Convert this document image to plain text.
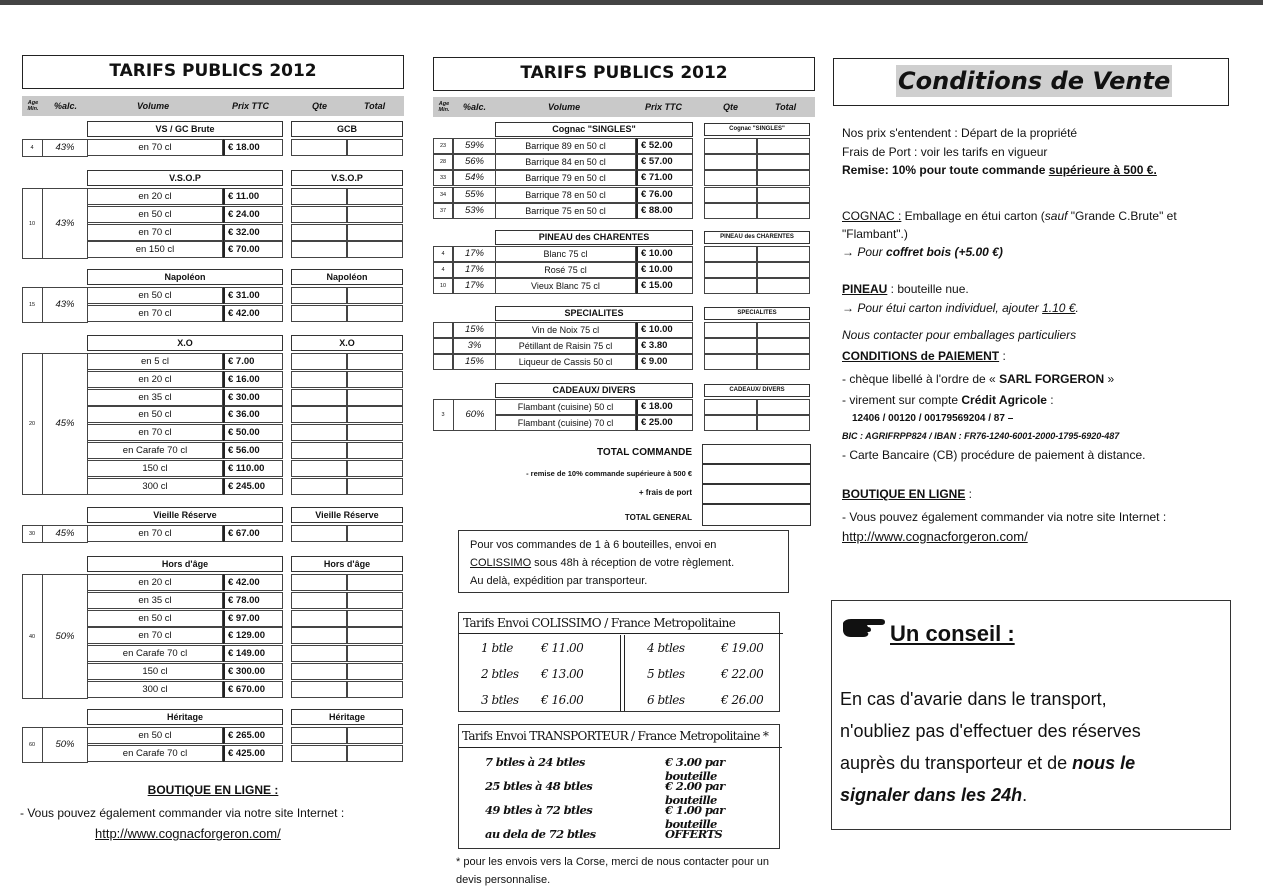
TARIFS PUBLICS 2012
Age Min.	%alc.	Volume	Prix TTC	Qte	Total
VS / GC Brute	GCB
4	43%	en 70 cl	€ 18.00
V.S.O.P	V.S.O.P
10	43%
en 20 cl	€ 11.00
en 50 cl	€ 24.00
en 70 cl	€ 32.00
en 150 cl	€ 70.00
Napoléon	Napoléon
15	43%
en 50 cl	€ 31.00
en 70 cl	€ 42.00
X.O	X.O
20	45%
en 5 cl	€ 7.00
en 20 cl	€ 16.00
en 35 cl	€ 30.00
en 50 cl	€ 36.00
en 70 cl	€ 50.00
en Carafe 70 cl	€ 56.00
150 cl	€ 110.00
300 cl	€ 245.00
Vieille Réserve	Vieille Réserve
30	45%	en 70 cl	€ 67.00
Hors d'âge	Hors d'âge
40	50%
en 20 cl	€ 42.00
en 35 cl	€ 78.00
en 50 cl	€ 97.00
en 70 cl	€ 129.00
en Carafe 70 cl	€ 149.00
150 cl	€ 300.00
300 cl	€ 670.00
Héritage	Héritage
60	50%
en 50 cl	€ 265.00
en Carafe 70 cl	€ 425.00
BOUTIQUE EN LIGNE :
- Vous pouvez également commander via notre site Internet :
http://www.cognacforgeron.com/
TARIFS PUBLICS 2012
Age Min.	%alc.	Volume	Prix TTC	Qte	Total
Cognac "SINGLES"	Cognac "SINGLES"
23	59%	Barrique 89 en 50 cl	€ 52.00
28	56%	Barrique 84 en 50 cl	€ 57.00
33	54%	Barrique 79 en 50 cl	€ 71.00
34	55%	Barrique 78 en 50 cl	€ 76.00
37	53%	Barrique 75 en 50 cl	€ 88.00
PINEAU des CHARENTES	PINEAU des CHARENTES
4	17%	Blanc 75 cl	€ 10.00
4	17%	Rosé 75 cl	€ 10.00
10	17%	Vieux Blanc 75 cl	€ 15.00
SPECIALITES	SPECIALITES
15%	Vin de Noix 75 cl	€ 10.00
3%	Pétillant de Raisin 75 cl	€ 3.80
15%	Liqueur de Cassis 50 cl	€ 9.00
CADEAUX/ DIVERS	CADEAUX/ DIVERS
3	60%
Flambant (cuisine) 50 cl	€ 18.00
Flambant (cuisine) 70 cl	€ 25.00
TOTAL COMMANDE
- remise de 10% commande supérieure à 500 €
+ frais de port
TOTAL GENERAL
Pour vos commandes de 1 à 6 bouteilles, envoi en
COLISSIMO sous 48h à réception de votre règlement.
Au delà, expédition par transporteur.
Tarifs Envoi COLISSIMO / France Metropolitaine
1 btle € 11.00
2 btles € 13.00
3 btles € 16.00
4 btles	€ 19.00
5 btles	€ 22.00
6 btles	€ 26.00
Tarifs Envoi TRANSPORTEUR / France Metropolitaine *
7 btles à 24 btles	€ 3.00 par bouteille
25 btles à 48 btles	€ 2.00 par bouteille
49 btles à 72 btles	€ 1.00 par bouteille
au dela de 72 btles	OFFERTS
* pour les envois vers la Corse, merci de nous contacter pour un devis personnalise.
Conditions de Vente
Nos prix s'entendent : Départ de la propriété
Frais de Port : voir les tarifs en vigueur
Remise: 10% pour toute commande supérieure à 500 €.
COGNAC : Emballage en étui carton (sauf "Grande C.Brute" et
"Flambant".)
→ Pour coffret bois (+5.00 €)
PINEAU : bouteille nue.
→ Pour étui carton individuel, ajouter 1.10 €.
Nous contacter pour emballages particuliers
CONDITIONS de PAIEMENT :
- chèque libellé à l'ordre de « SARL FORGERON »
- virement sur compte Crédit Agricole :
12406 / 00120 / 00179569204 / 87 –
BIC : AGRIFRPP824 / IBAN : FR76-1240-6001-2000-1795-6920-487
- Carte Bancaire (CB) procédure de paiement à distance.
BOUTIQUE EN LIGNE :
- Vous pouvez également commander via notre site Internet :
http://www.cognacforgeron.com/
Un conseil :
En cas d'avarie dans le transport,
n'oubliez pas d'effectuer des réserves
auprès du transporteur et de nous le
signaler dans les 24h.
